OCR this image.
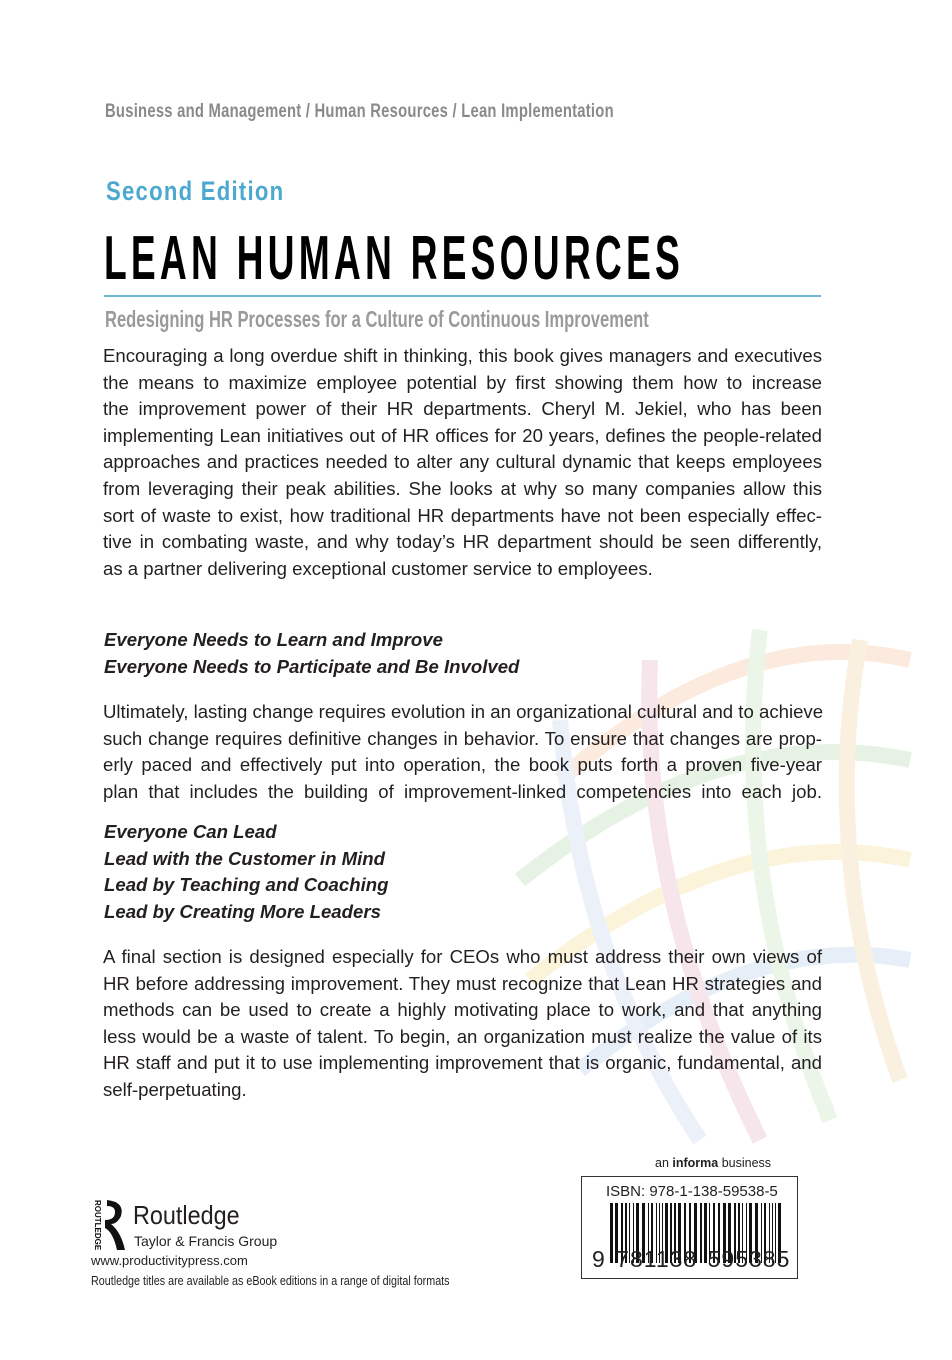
Business and Management / Human Resources / Lean Implementation
Second Edition
LEAN HUMAN RESOURCES
Redesigning HR Processes for a Culture of Continuous Improvement
Encouraging a long overdue shift in thinking, this book gives managers and executives
the means to maximize employee potential by first showing them how to increase
the improvement power of their HR departments. Cheryl M. Jekiel, who has been
implementing Lean initiatives out of HR offices for 20 years, defines the people-related
approaches and practices needed to alter any cultural dynamic that keeps employees
from leveraging their peak abilities. She looks at why so many companies allow this
sort of waste to exist, how traditional HR departments have not been especially effec-
tive in combating waste, and why today’s HR department should be seen differently,
as a partner delivering exceptional customer service to employees.
Everyone Needs to Learn and Improve
Everyone Needs to Participate and Be Involved
Ultimately, lasting change requires evolution in an organizational cultural and to achieve
such change requires definitive changes in behavior. To ensure that changes are prop-
erly paced and effectively put into operation, the book puts forth a proven five-year
plan that includes the building of improvement-linked competencies into each job.
Everyone Can Lead
Lead with the Customer in Mind
Lead by Teaching and Coaching
Lead by Creating More Leaders
A final section is designed especially for CEOs who must address their own views of
HR before addressing improvement. They must recognize that Lean HR strategies and
methods can be used to create a highly motivating place to work, and that anything
less would be a waste of talent. To begin, an organization must realize the value of its
HR staff and put it to use implementing improvement that is organic, fundamental, and
self-perpetuating.
an informa business
ISBN: 978-1-138-59538-5
9 781138 595385
ROUTLEDGE Routledge
Taylor & Francis Group
www.productivitypress.com
Routledge titles are available as eBook editions in a range of digital formats
